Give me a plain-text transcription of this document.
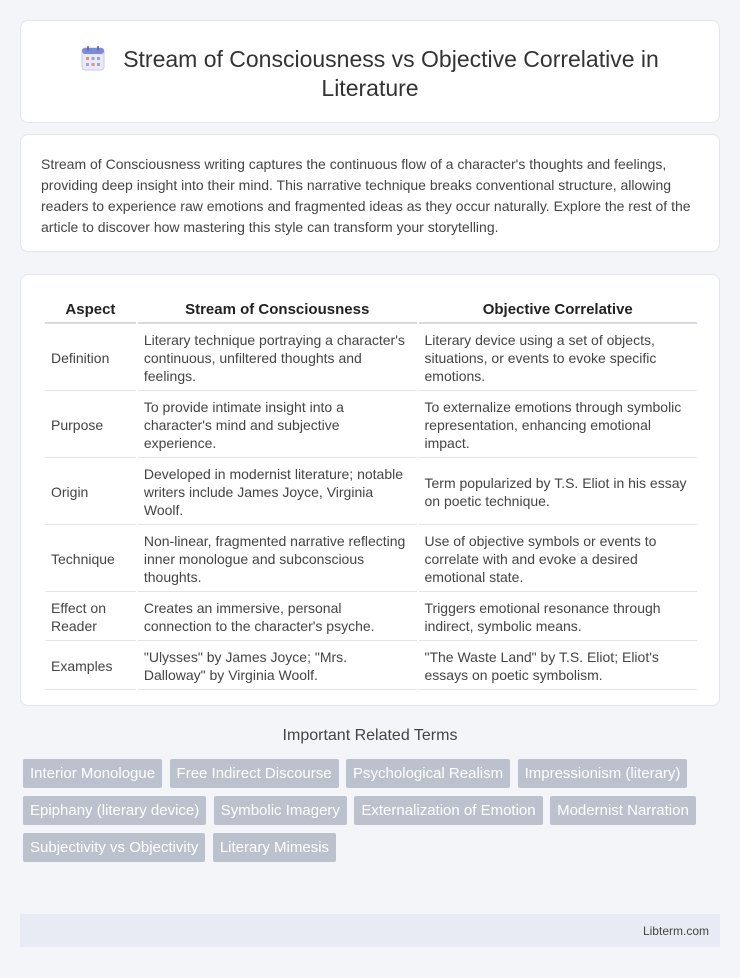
Stream of Consciousness vs Objective Correlative in Literature

Stream of Consciousness writing captures the continuous flow of a character's thoughts and feelings, providing deep insight into their mind. This narrative technique breaks conventional structure, allowing readers to experience raw emotions and fragmented ideas as they occur naturally. Explore the rest of the article to discover how mastering this style can transform your storytelling.

Aspect	Stream of Consciousness	Objective Correlative
Definition	Literary technique portraying a character's continuous, unfiltered thoughts and feelings.	Literary device using a set of objects, situations, or events to evoke specific emotions.
Purpose	To provide intimate insight into a character's mind and subjective experience.	To externalize emotions through symbolic representation, enhancing emotional impact.
Origin	Developed in modernist literature; notable writers include James Joyce, Virginia Woolf.	Term popularized by T.S. Eliot in his essay on poetic technique.
Technique	Non-linear, fragmented narrative reflecting inner monologue and subconscious thoughts.	Use of objective symbols or events to correlate with and evoke a desired emotional state.
Effect on Reader	Creates an immersive, personal connection to the character's psyche.	Triggers emotional resonance through indirect, symbolic means.
Examples	"Ulysses" by James Joyce; "Mrs. Dalloway" by Virginia Woolf.	"The Waste Land" by T.S. Eliot; Eliot's essays on poetic symbolism.
Important Related Terms
Interior Monologue Free Indirect Discourse Psychological Realism Impressionism (literary) Epiphany (literary device) Symbolic Imagery Externalization of Emotion Modernist Narration Subjectivity vs Objectivity Literary Mimesis
Libterm.com
